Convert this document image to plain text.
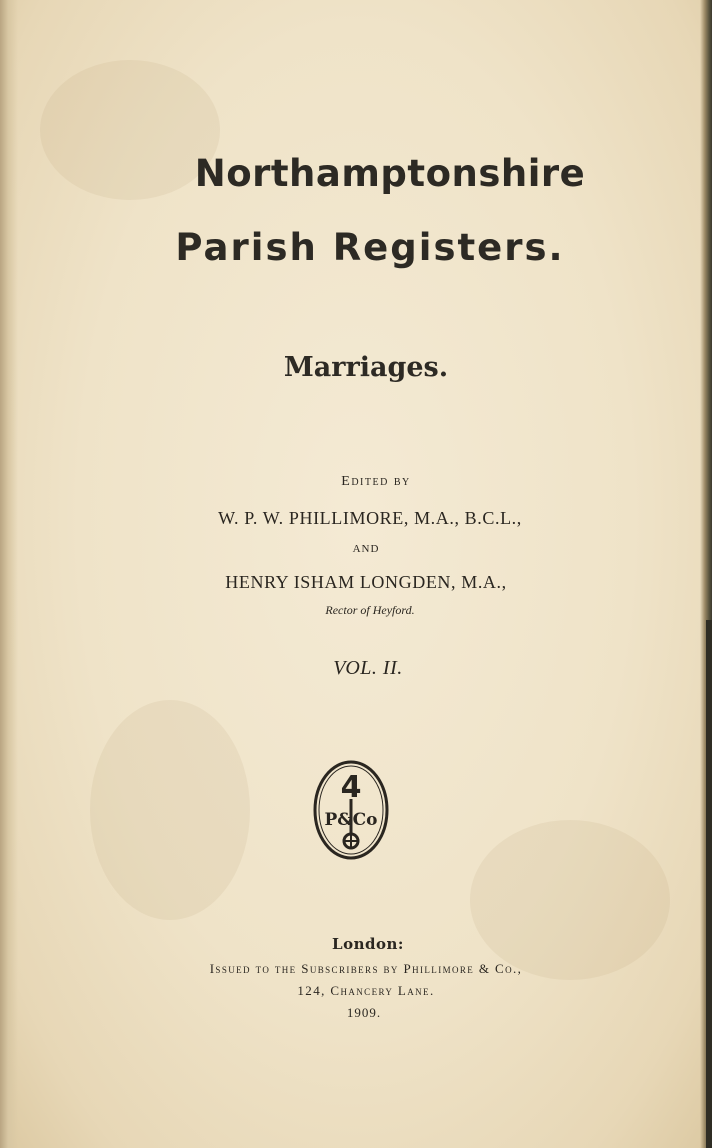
Northamptonshire
Parish Registers.
Marriages.

Edited by

W. P. W. PHILLIMORE, M.A., B.C.L.,

AND

HENRY ISHAM LONGDEN, M.A.,

Rector of Heyford.

VOL. II.

4
P&Co

London:

Issued to the Subscribers by Phillimore & Co.,

124, Chancery Lane.

1909.
